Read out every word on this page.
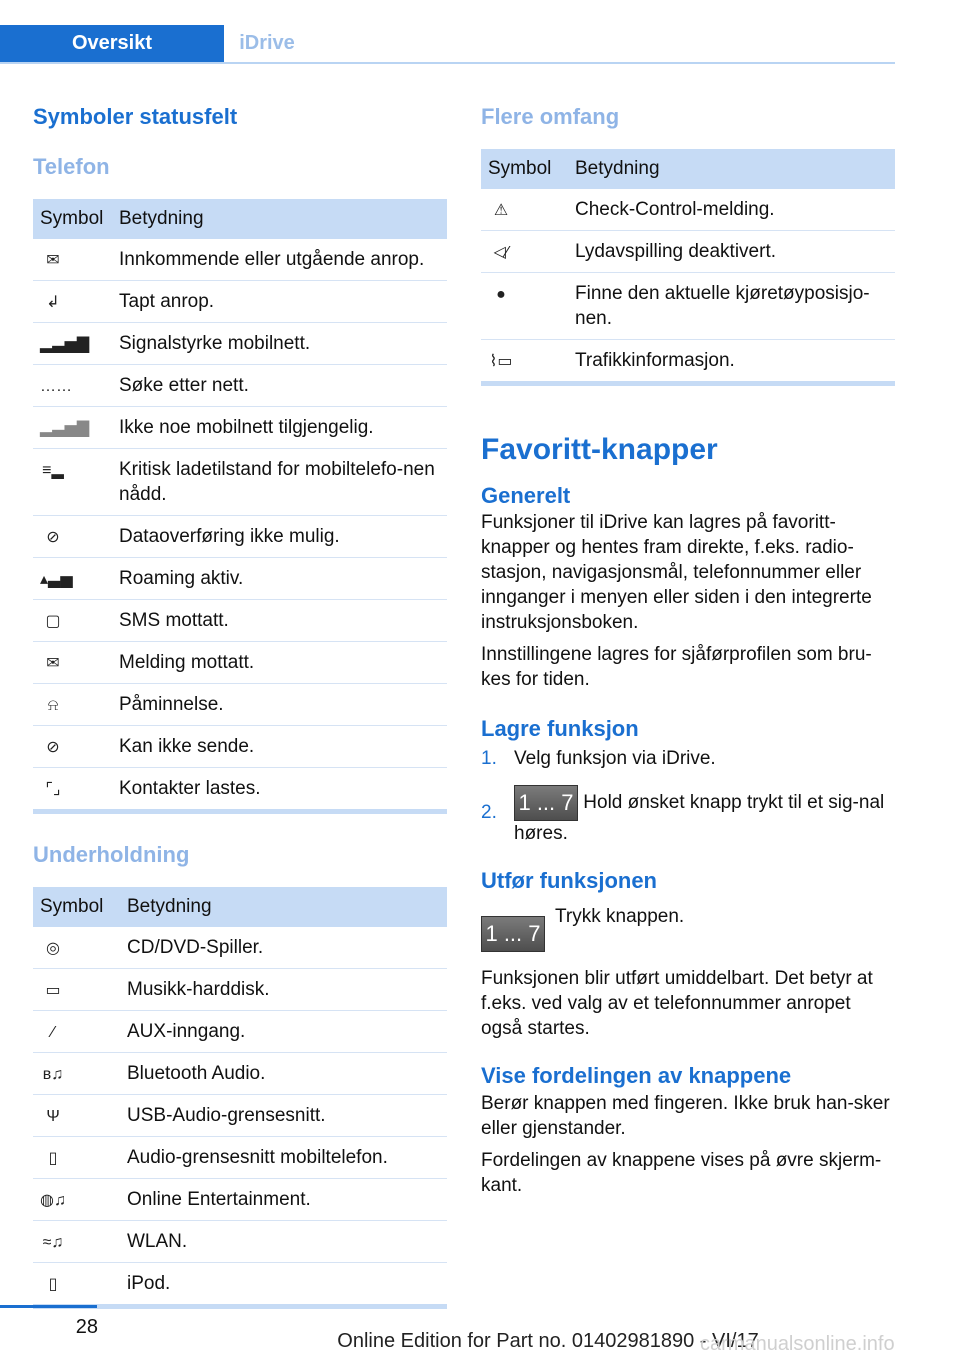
Oversikt	iDrive
Symboler statusfelt
Telefon
Symbol	Betydning
✉︎	Innkommende eller utgående anrop.
↲	Tapt anrop.
▂▃▅▇	Signalstyrke mobilnett.
……	Søke etter nett.
▂▃▅▇	Ikke noe mobilnett tilgjengelig.
≡▂	Kritisk ladetilstand for mobiltelefo-nen nådd.
⊘	Dataoverføring ikke mulig.
▴▃▅	Roaming aktiv.
▢	SMS mottatt.
✉	Melding mottatt.
⍾	Påminnelse.
⊘	Kan ikke sende.
⌜⌟	Kontakter lastes.
Underholdning
Symbol	Betydning
◎	CD/DVD-Spiller.
▭	Musikk-harddisk.
∕	AUX-inngang.
ʙ♫	Bluetooth Audio.
Ψ	USB-Audio-grensesnitt.
▯	Audio-grensesnitt mobiltelefon.
◍♫	Online Entertainment.
≈♫	WLAN.
▯	iPod.
Flere omfang
Symbol	Betydning
⚠︎	Check-Control-melding.
◁∕	Lydavspilling deaktivert.
●	Finne den aktuelle kjøretøyposisjo-nen.
⌇▭	Trafikkinformasjon.
Favoritt-knapper
Generelt

Funksjoner til iDrive kan lagres på favoritt-knapper og hentes fram direkte, f.eks. radio-stasjon, navigasjonsmål, telefonnummer eller innganger i menyen eller siden i den integrerte instruksjonsboken.

Innstillingene lagres for sjåførprofilen som bru-kes for tiden.

Lagre funksjon
1. Velg funksjon via iDrive.
2. 1 ... 7 Hold ønsket knapp trykt til et sig-nal høres.
Utfør funksjonen
1 ... 7
Trykk knappen.

Funksjonen blir utført umiddelbart. Det betyr at f.eks. ved valg av et telefonnummer anropet også startes.

Vise fordelingen av knappene

Berør knappen med fingeren. Ikke bruk han-sker eller gjenstander.

Fordelingen av knappene vises på øvre skjerm-kant.

28
Online Edition for Part no. 01402981890 - VI/17
carmanualsonline.info
